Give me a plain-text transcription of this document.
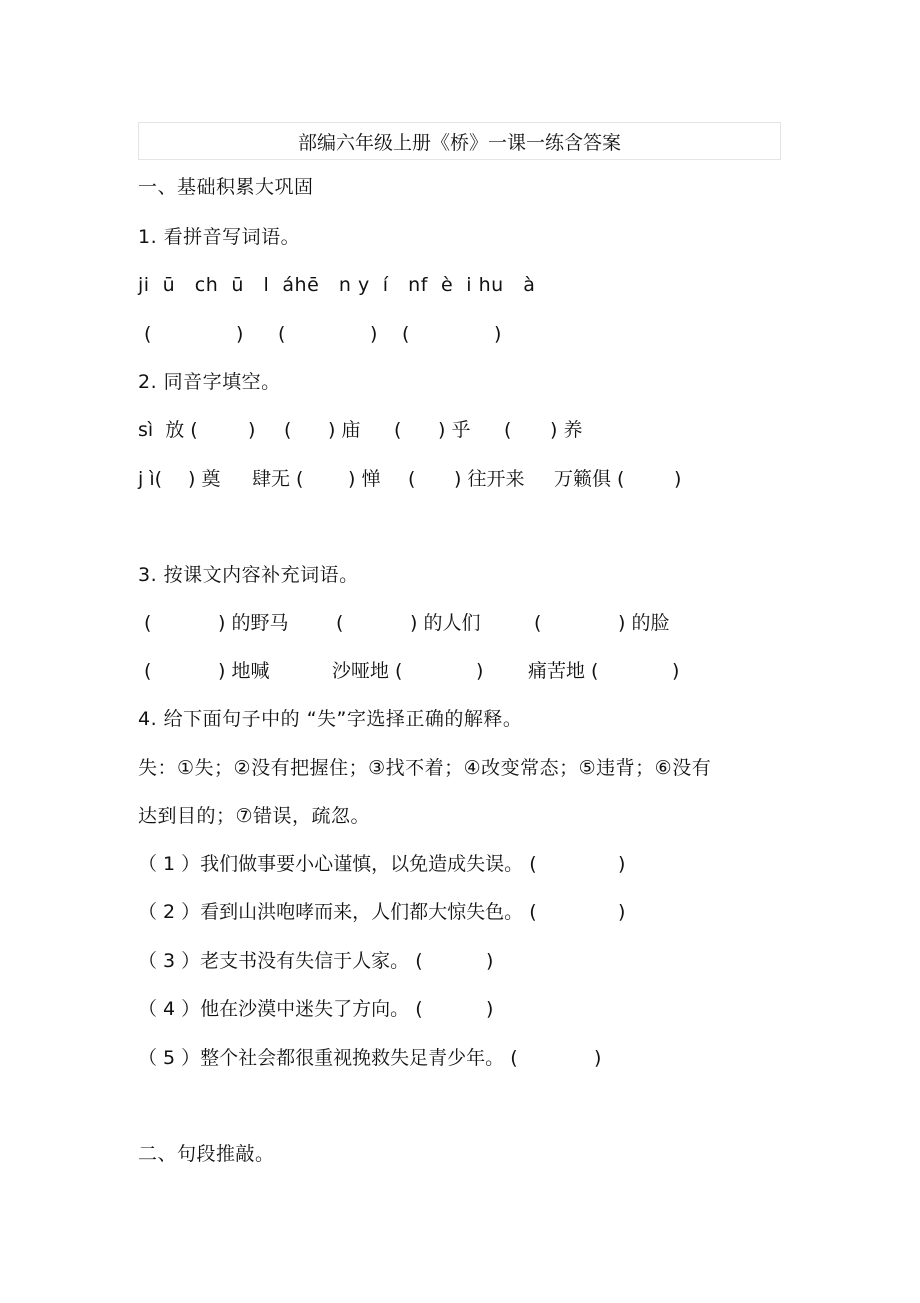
部编六年级上册《桥》一课一练含答案
一、基础积累大巩固
1. 看拼音写词语。
ji  ū   ch  ū   l  áhē   n y  í   nf  è  i hu   à

(              )

(              )

(              )

2. 同音字填空。

sì  放 (

	)

(

) 庙

(

) 乎

(

) 养

j ì(

) 奠

肆无 (

) 惮

(

) 往开来

万籁俱 (

	)

3. 按课文内容补充词语。

(

	) 的野马

	(

	) 的人们

	(

	) 的脸

(

	) 地喊

	沙哑地 (

	)

痛苦地 (

	)

4. 给下面句子中的 “失”字选择正确的解释。
失：①失；②没有把握住；③找不着；④改变常态；⑤违背；⑥没有
达到目的；⑦错误，疏忽。

（ 1 ）我们做事要小心谨慎，以免造成失误。 (

	)

（ 2 ）看到山洪咆哮而来，人们都大惊失色。 (

	)

（ 3 ）老支书没有失信于人家。 (

	)

（ 4 ）他在沙漠中迷失了方向。 (

	)

（ 5 ）整个社会都很重视挽救失足青少年。 (

	)

二、句段推敲。
